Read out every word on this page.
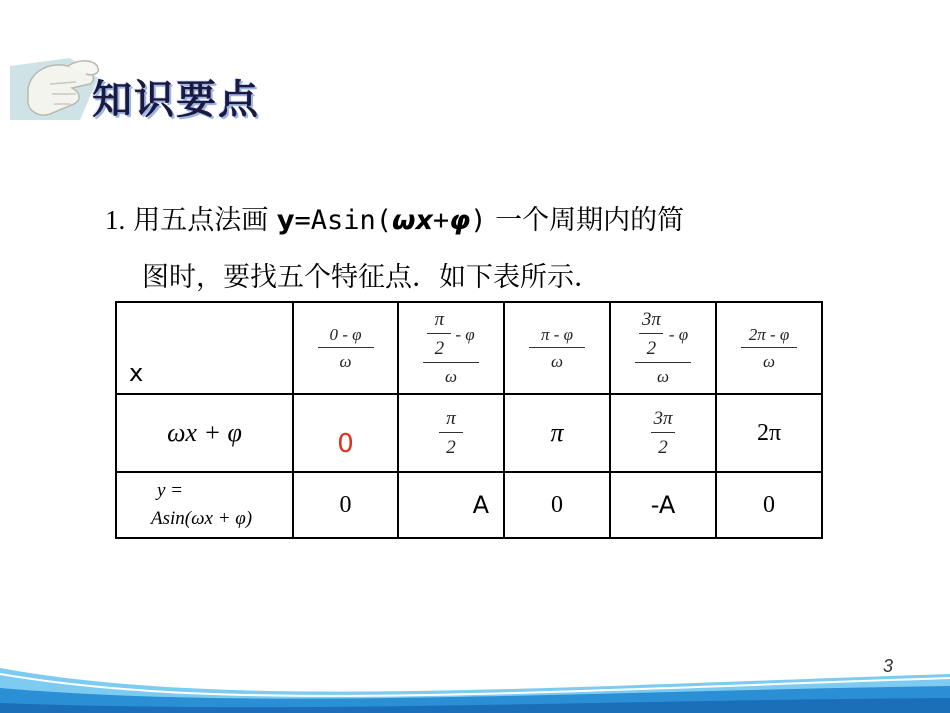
知识要点
1. 用五点法画 y=Asin(ωx+φ) 一个周期内的简
图时，要找五个特征点．如下表所示．
x	$\frac{0 - \varphi}{\omega}$	$\frac{\frac{\pi}{2} - \varphi}{\omega}$	$\frac{\pi - \varphi}{\omega}$	$\frac{\frac{3\pi}{2} - \varphi}{\omega}$	$\frac{2\pi - \varphi}{\omega}$

ωx + φ	0	$\frac{\pi}{2}$	π	$\frac{3\pi}{2}$	2π

y =
Asin(ωx + φ)	0	A	0	-A	0
3
